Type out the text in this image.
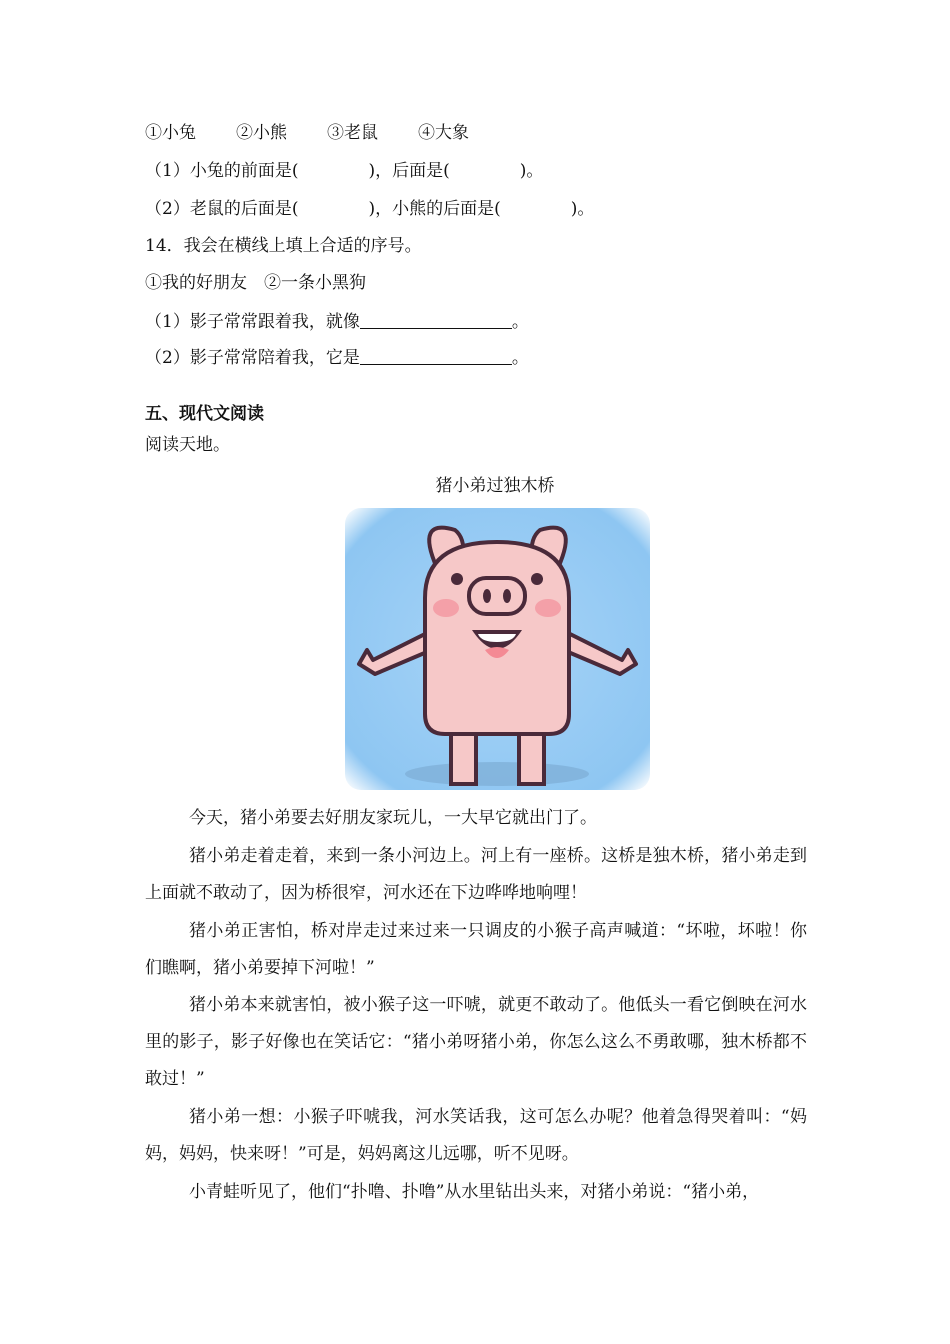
①小兔 ②小熊 ③老鼠 ④大象
（1）小兔的前面是(	)，后面是(	)。
（2）老鼠的后面是(	)，小熊的后面是(	)。
14．我会在横线上填上合适的序号。
①我的好朋友　②一条小黑狗
（1）影子常常跟着我，就像	。
（2）影子常常陪着我，它是	。
五、现代文阅读
阅读天地。
猪小弟过独木桥
今天，猪小弟要去好朋友家玩儿，一大早它就出门了。
猪小弟走着走着，来到一条小河边上。河上有一座桥。这桥是独木桥，猪小弟走到上面就不敢动了，因为桥很窄，河水还在下边哗哗地响哩！
猪小弟正害怕，桥对岸走过来过来一只调皮的小猴子高声喊道：“坏啦，坏啦！你们瞧啊，猪小弟要掉下河啦！”
猪小弟本来就害怕，被小猴子这一吓唬，就更不敢动了。他低头一看它倒映在河水里的影子，影子好像也在笑话它：“猪小弟呀猪小弟，你怎么这么不勇敢哪，独木桥都不敢过！”
猪小弟一想：小猴子吓唬我，河水笑话我，这可怎么办呢？他着急得哭着叫：“妈妈，妈妈，快来呀！”可是，妈妈离这儿远哪，听不见呀。
小青蛙听见了，他们“扑噜、扑噜”从水里钻出头来，对猪小弟说：“猪小弟，
